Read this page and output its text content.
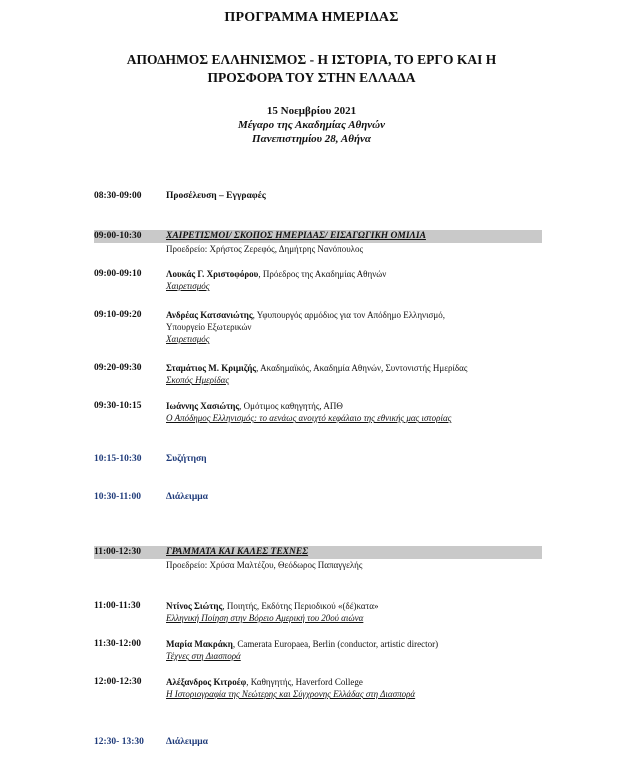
ΠΡΟΓΡΑΜΜΑ ΗΜΕΡΙΔΑΣ
ΑΠΟΔΗΜΟΣ ΕΛΛΗΝΙΣΜΟΣ - Η ΙΣΤΟΡΙΑ, ΤΟ ΕΡΓΟ ΚΑΙ Η
ΠΡΟΣΦΟΡΑ ΤΟΥ ΣΤΗΝ ΕΛΛΑΔΑ
15 Νοεμβρίου 2021
Μέγαρο της Ακαδημίας Αθηνών
Πανεπιστημίου 28, Αθήνα
08:30-09:00	Προσέλευση – Εγγραφές
09:00-10:30	ΧΑΙΡΕΤΙΣΜΟΙ/ ΣΚΟΠΟΣ ΗΜΕΡΙΔΑΣ/ ΕΙΣΑΓΩΓΙΚΗ ΟΜΙΛΙΑ
Προεδρείο: Χρήστος Ζερεφός, Δημήτρης Νανόπουλος
09:00-09:10	Λουκάς Γ. Χριστοφόρου, Πρόεδρος της Ακαδημίας Αθηνών
Χαιρετισμός
09:10-09:20	Ανδρέας Κατσανιώτης, Υφυπουργός αρμόδιος για τον Απόδημο Ελληνισμό,
Υπουργείο Εξωτερικών
Χαιρετισμός
09:20-09:30	Σταμάτιος Μ. Κριμιζής, Ακαδημαϊκός, Ακαδημία Αθηνών, Συντονιστής Ημερίδας
Σκοπός Ημερίδας
09:30-10:15	Ιωάννης Χασιώτης, Ομότιμος καθηγητής, ΑΠΘ
Ο Απόδημος Ελληνισμός: το αενάως ανοιχτό κεφάλαιο της εθνικής μας ιστορίας
10:15-10:30	Συζήτηση
10:30-11:00	Διάλειμμα
11:00-12:30	ΓΡΑΜΜΑΤΑ ΚΑΙ ΚΑΛΕΣ ΤΕΧΝΕΣ
Προεδρείο: Χρύσα Μαλτέζου, Θεόδωρος Παπαγγελής
11:00-11:30	Ντίνος Σιώτης, Ποιητής, Εκδότης Περιοδικού «(δέ)κατα»
Ελληνική Ποίηση στην Βόρειο Αμερική του 20ού αιώνα
11:30-12:00	Μαρία Μακράκη, Camerata Europaea, Berlin (conductor, artistic director)
Τέχνες στη Διασπορά
12:00-12:30	Αλέξανδρος Κιτροέφ, Καθηγητής, Haverford College
Η Ιστοριογραφία της Νεώτερης και Σύγχρονης Ελλάδας στη Διασπορά
12:30- 13:30 Διάλειμμα
